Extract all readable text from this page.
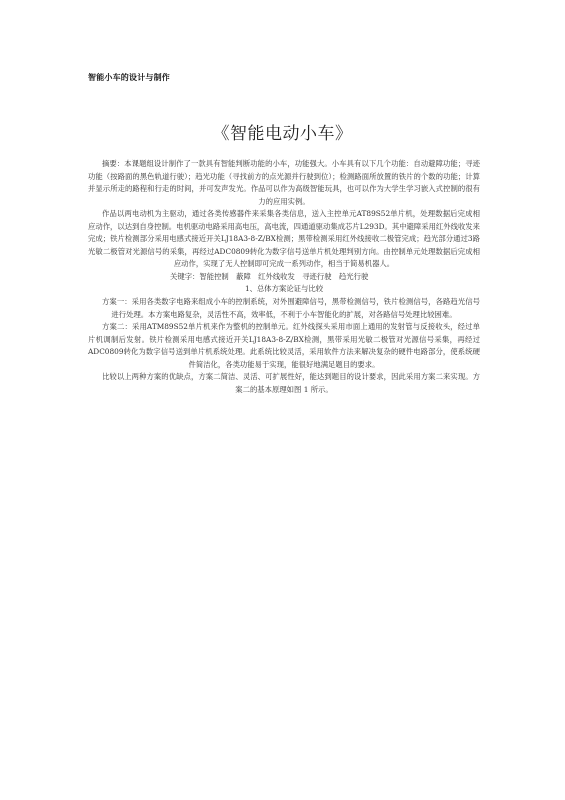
智能小车的设计与制作
《智能电动小车》

摘要：本课题组设计制作了一款具有智能判断功能的小车，功能强大。小车具有以下几个功能：自动避障功能；寻迹功能（按路面的黑色轨道行驶）；趋光功能（寻找前方的点光源并行驶到位）；检测路面所放置的铁片的个数的功能；计算并显示所走的路程和行走的时间，并可发声发光。作品可以作为高级智能玩具，也可以作为大学生学习嵌入式控制的很有力的应用实例。

作品以两电动机为主驱动，通过各类传感器件来采集各类信息，送入主控单元AT89S52单片机，处理数据后完成相应动作，以达到自身控制。电机驱动电路采用高电压，高电流，四通道驱动集成芯片L293D。其中避障采用红外线收发来完成；铁片检测部分采用电感式接近开关LJ18A3-8-Z/BX检测；黑带检测采用红外线接收二极管完成；趋光部分通过3路光敏二极管对光源信号的采集，再经过ADC0809转化为数字信号送单片机处理判别方向。由控制单元处理数据后完成相应动作，实现了无人控制即可完成一系列动作，相当于简易机器人。

关键字：智能控制　蔽障　红外线收发　寻迹行驶　趋光行驶

1、总体方案论证与比较

方案一：采用各类数字电路来组成小车的控制系统，对外围避障信号，黑带检测信号，铁片检测信号，各路趋光信号进行处理。本方案电路复杂，灵活性不高，效率低，不利于小车智能化的扩展，对各路信号处理比较困难。

方案二：采用ATM89S52单片机来作为整机的控制单元。红外线探头采用市面上通用的发射管与反接收头，经过单片机调制后发射。铁片检测采用电感式接近开关LJ18A3-8-Z/BX检测，黑带采用光敏二极管对光源信号采集，再经过ADC0809转化为数字信号送到单片机系统处理。此系统比较灵活，采用软件方法来解决复杂的硬件电路部分，使系统硬件简洁化，各类功能易于实现，能很好地满足题目的要求。

比较以上两种方案的优缺点，方案二简洁、灵活、可扩展性好，能达到题目的设计要求，因此采用方案二来实现。方案二的基本原理如图 1 所示。
